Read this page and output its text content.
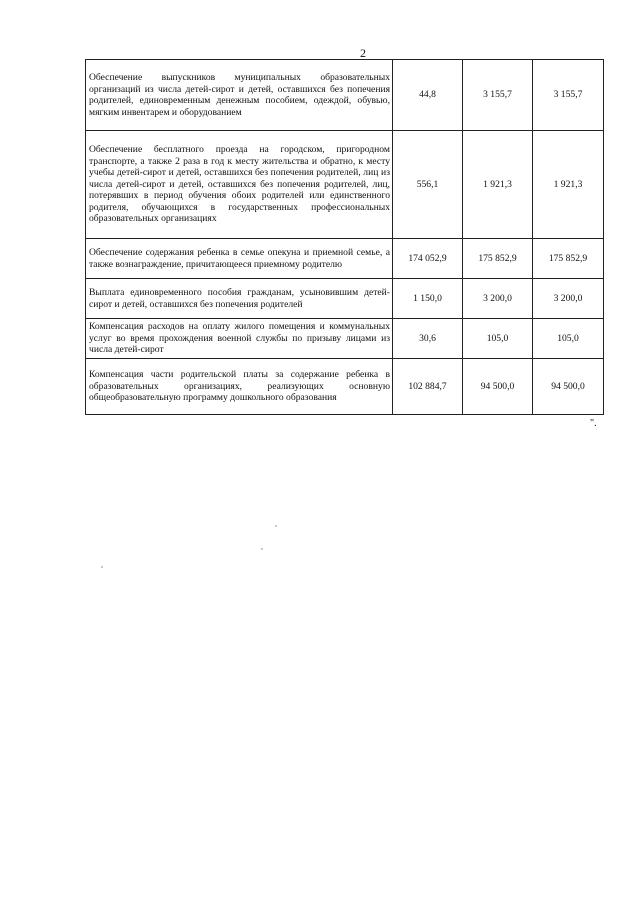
2
Обеспечение выпускников муниципальных образовательных организаций из числа детей-сирот и детей, оставшихся без попечения родителей, единовременным денежным пособием, одеждой, обувью, мягким инвентарем и оборудованием	44,8	3 155,7	3 155,7
Обеспечение бесплатного проезда на городском, пригородном транспорте, а также 2 раза в год к месту жительства и обратно, к месту учебы детей-сирот и детей, оставшихся без попечения родителей, лиц из числа детей-сирот и детей, оставшихся без попечения родителей, лиц, потерявших в период обучения обоих родителей или единственного родителя, обучающихся в государственных профессиональных образовательных организациях	556,1	1 921,3	1 921,3
Обеспечение содержания ребенка в семье опекуна и приемной семье, а также вознаграждение, причитающееся приемному родителю	174 052,9	175 852,9	175 852,9
Выплата единовременного пособия гражданам, усыновившим детей-сирот и детей, оставшихся без попечения родителей	1 150,0	3 200,0	3 200,0
Компенсация расходов на оплату жилого помещения и коммунальных услуг во время прохождения военной службы по призыву лицами из числа детей-сирот	30,6	105,0	105,0
Компенсация части родительской платы за содержание ребенка в образовательных организациях, реализующих основную общеобразовательную программу дошкольного образования	102 884,7	94 500,0	94 500,0
".
